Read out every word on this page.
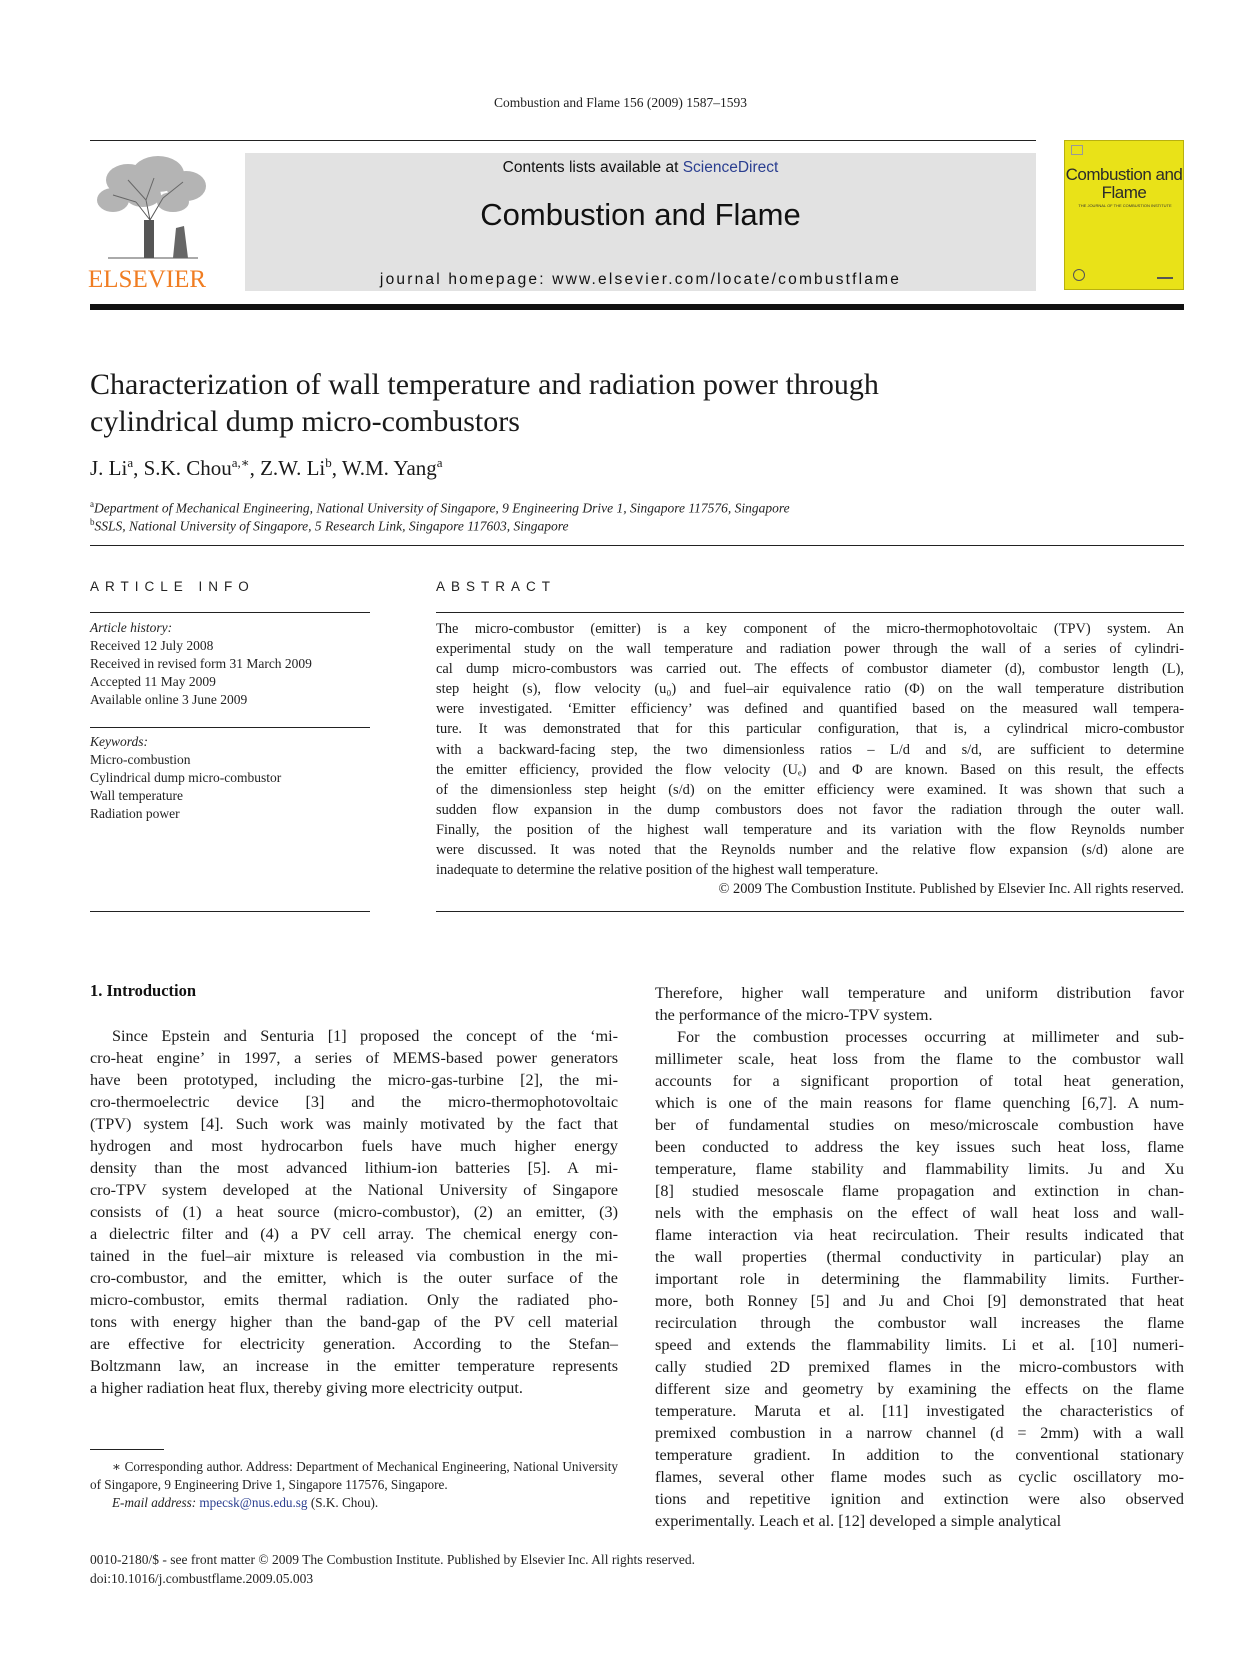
Combustion and Flame 156 (2009) 1587–1593
ELSEVIER
Contents lists available at ScienceDirect
Combustion and Flame
journal homepage: www.elsevier.com/locate/combustflame
Combustion and Flame
THE JOURNAL OF THE COMBUSTION INSTITUTE
Characterization of wall temperature and radiation power through
cylindrical dump micro-combustors
J. Li$^a$, S.K. Chou$^{a,∗}$, Z.W. Li$^b$, W.M. Yang$^a$
$^a$Department of Mechanical Engineering, National University of Singapore, 9 Engineering Drive 1, Singapore 117576, Singapore
$^b$SSLS, National University of Singapore, 5 Research Link, Singapore 117603, Singapore
ARTICLE INFO	ABSTRACT
Article history:
Received 12 July 2008
Received in revised form 31 March 2009
Accepted 11 May 2009
Available online 3 June 2009
Keywords:
Micro-combustion
Cylindrical dump micro-combustor
Wall temperature
Radiation power
The micro-combustor (emitter) is a key component of the micro-thermophotovoltaic (TPV) system. An
experimental study on the wall temperature and radiation power through the wall of a series of cylindri-
cal dump micro-combustors was carried out. The effects of combustor diameter (d), combustor length (L),
step height (s), flow velocity (u₀) and fuel–air equivalence ratio (Φ) on the wall temperature distribution
were investigated. ‘Emitter efficiency’ was defined and quantified based on the measured wall tempera-
ture. It was demonstrated that for this particular configuration, that is, a cylindrical micro-combustor
with a backward-facing step, the two dimensionless ratios – L/d and s/d, are sufficient to determine
the emitter efficiency, provided the flow velocity (Uₑ) and Φ are known. Based on this result, the effects
of the dimensionless step height (s/d) on the emitter efficiency were examined. It was shown that such a
sudden flow expansion in the dump combustors does not favor the radiation through the outer wall.
Finally, the position of the highest wall temperature and its variation with the flow Reynolds number
were discussed. It was noted that the Reynolds number and the relative flow expansion (s/d) alone are
inadequate to determine the relative position of the highest wall temperature.
© 2009 The Combustion Institute. Published by Elsevier Inc. All rights reserved.
1. Introduction
Since Epstein and Senturia [1] proposed the concept of the ‘mi-
cro-heat engine’ in 1997, a series of MEMS-based power generators
have been prototyped, including the micro-gas-turbine [2], the mi-
cro-thermoelectric device [3] and the micro-thermophotovoltaic
(TPV) system [4]. Such work was mainly motivated by the fact that
hydrogen and most hydrocarbon fuels have much higher energy
density than the most advanced lithium-ion batteries [5]. A mi-
cro-TPV system developed at the National University of Singapore
consists of (1) a heat source (micro-combustor), (2) an emitter, (3)
a dielectric filter and (4) a PV cell array. The chemical energy con-
tained in the fuel–air mixture is released via combustion in the mi-
cro-combustor, and the emitter, which is the outer surface of the
micro-combustor, emits thermal radiation. Only the radiated pho-
tons with energy higher than the band-gap of the PV cell material
are effective for electricity generation. According to the Stefan–
Boltzmann law, an increase in the emitter temperature represents
a higher radiation heat flux, thereby giving more electricity output.
Therefore, higher wall temperature and uniform distribution favor
the performance of the micro-TPV system.
For the combustion processes occurring at millimeter and sub-
millimeter scale, heat loss from the flame to the combustor wall
accounts for a significant proportion of total heat generation,
which is one of the main reasons for flame quenching [6,7]. A num-
ber of fundamental studies on meso/microscale combustion have
been conducted to address the key issues such heat loss, flame
temperature, flame stability and flammability limits. Ju and Xu
[8] studied mesoscale flame propagation and extinction in chan-
nels with the emphasis on the effect of wall heat loss and wall-
flame interaction via heat recirculation. Their results indicated that
the wall properties (thermal conductivity in particular) play an
important role in determining the flammability limits. Further-
more, both Ronney [5] and Ju and Choi [9] demonstrated that heat
recirculation through the combustor wall increases the flame
speed and extends the flammability limits. Li et al. [10] numeri-
cally studied 2D premixed flames in the micro-combustors with
different size and geometry by examining the effects on the flame
temperature. Maruta et al. [11] investigated the characteristics of
premixed combustion in a narrow channel (d = 2mm) with a wall
temperature gradient. In addition to the conventional stationary
flames, several other flame modes such as cyclic oscillatory mo-
tions and repetitive ignition and extinction were also observed
experimentally. Leach et al. [12] developed a simple analytical

∗ Corresponding author. Address: Department of Mechanical Engineering, National University of Singapore, 9 Engineering Drive 1, Singapore 117576, Singapore.

E-mail address: mpecsk@nus.edu.sg (S.K. Chou).

0010-2180/$ - see front matter © 2009 The Combustion Institute. Published by Elsevier Inc. All rights reserved.
doi:10.1016/j.combustflame.2009.05.003
